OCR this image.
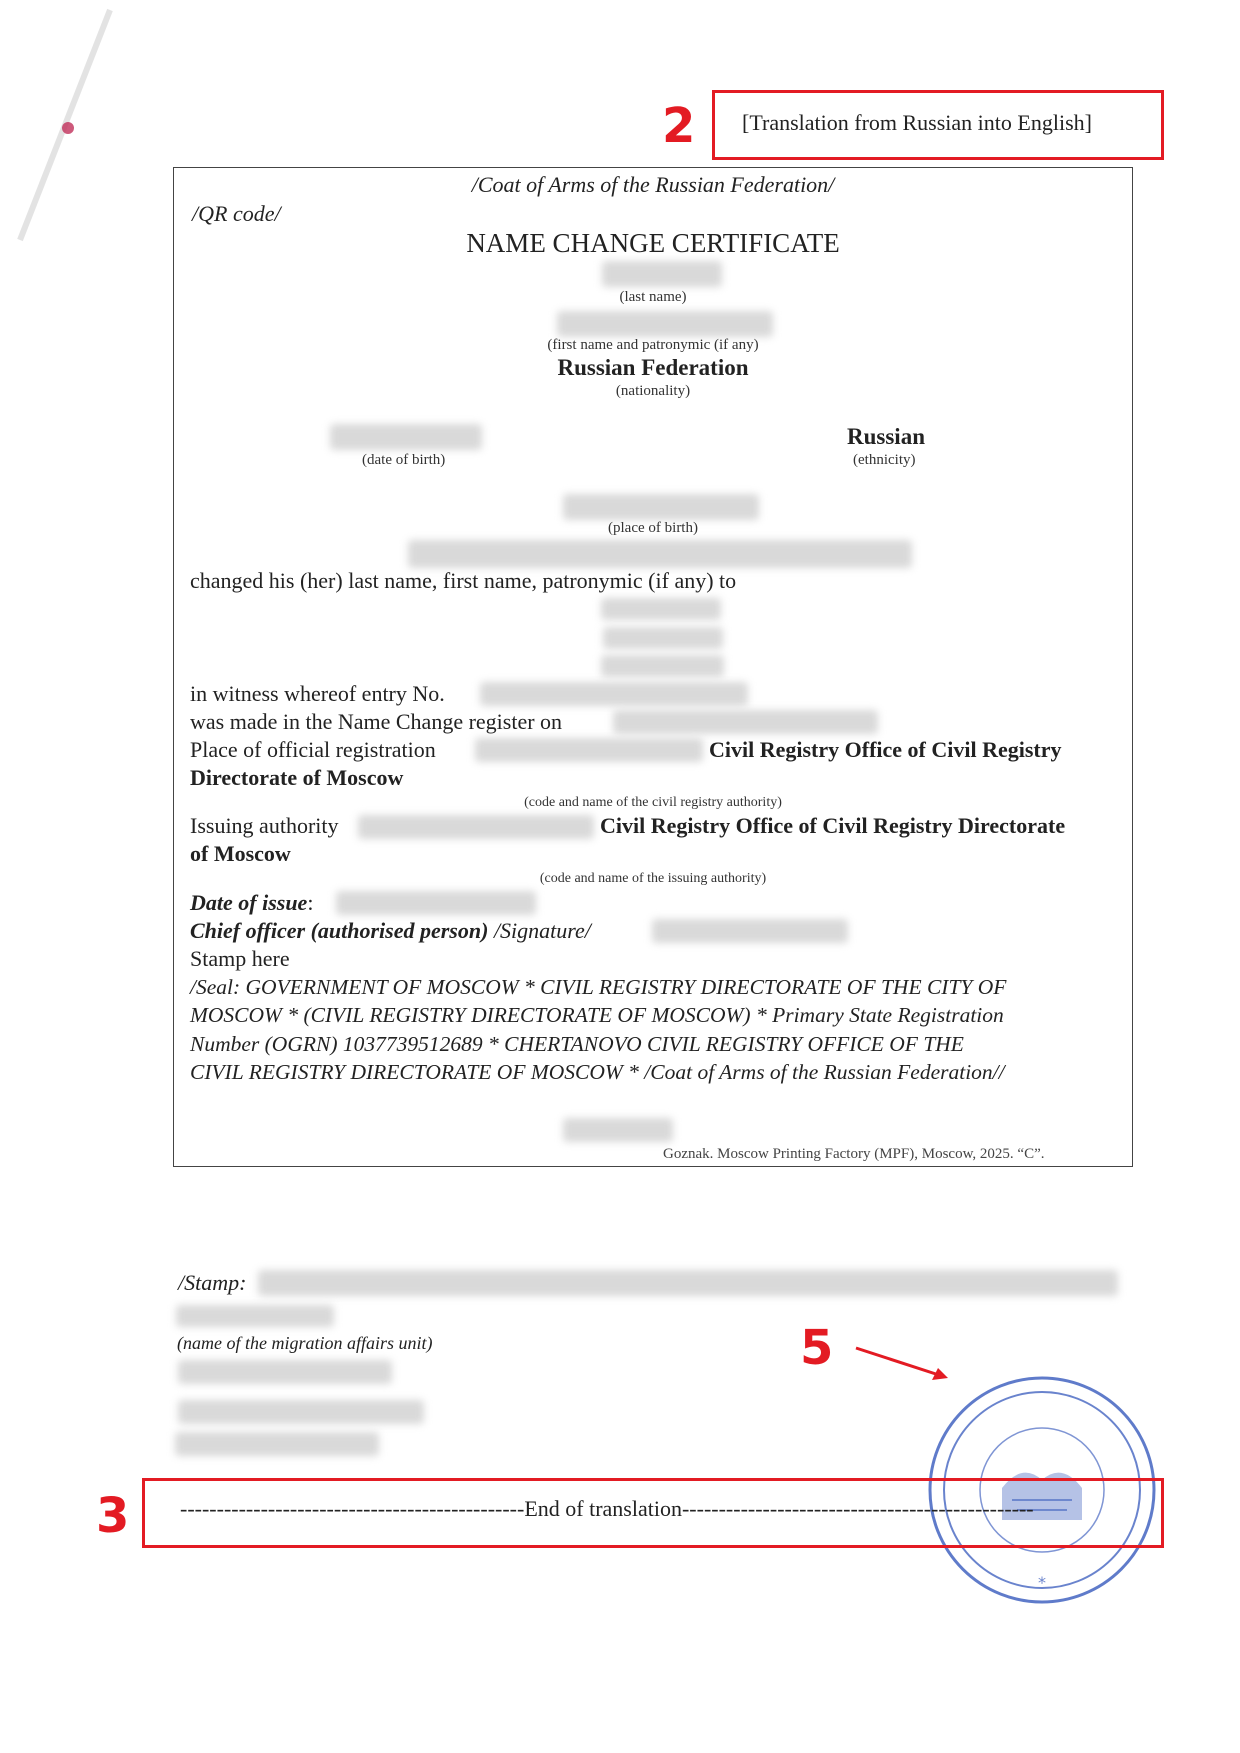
2 [Translation from Russian into English]
/Coat of Arms of the Russian Federation/
/QR code/
NAME CHANGE CERTIFICATE
(last name)
(first name and patronymic (if any)
Russian Federation
(nationality)
(date of birth)
Russian
(ethnicity)
(place of birth)
changed his (her) last name, first name, patronymic (if any) to
in witness whereof entry No.
was made in the Name Change register on
Place of official registration	Civil Registry Office of Civil Registry
Directorate of Moscow
(code and name of the civil registry authority)
Issuing authority	Civil Registry Office of Civil Registry Directorate
of Moscow
(code and name of the issuing authority)
Date of issue:
Chief officer (authorised person) /Signature/
Stamp here
/Seal: GOVERNMENT OF MOSCOW * CIVIL REGISTRY DIRECTORATE OF THE CITY OF
MOSCOW * (CIVIL REGISTRY DIRECTORATE OF MOSCOW) * Primary State Registration
Number (OGRN) 1037739512689 * CHERTANOVO CIVIL REGISTRY OFFICE OF THE
CIVIL REGISTRY DIRECTORATE OF MOSCOW * /Coat of Arms of the Russian Federation//
Goznak. Moscow Printing Factory (MPF), Moscow, 2025. “C”.
/Stamp:
(name of the migration affairs unit)	5
*
3 -----------------------------------------------End of translation------------------------------------------------
